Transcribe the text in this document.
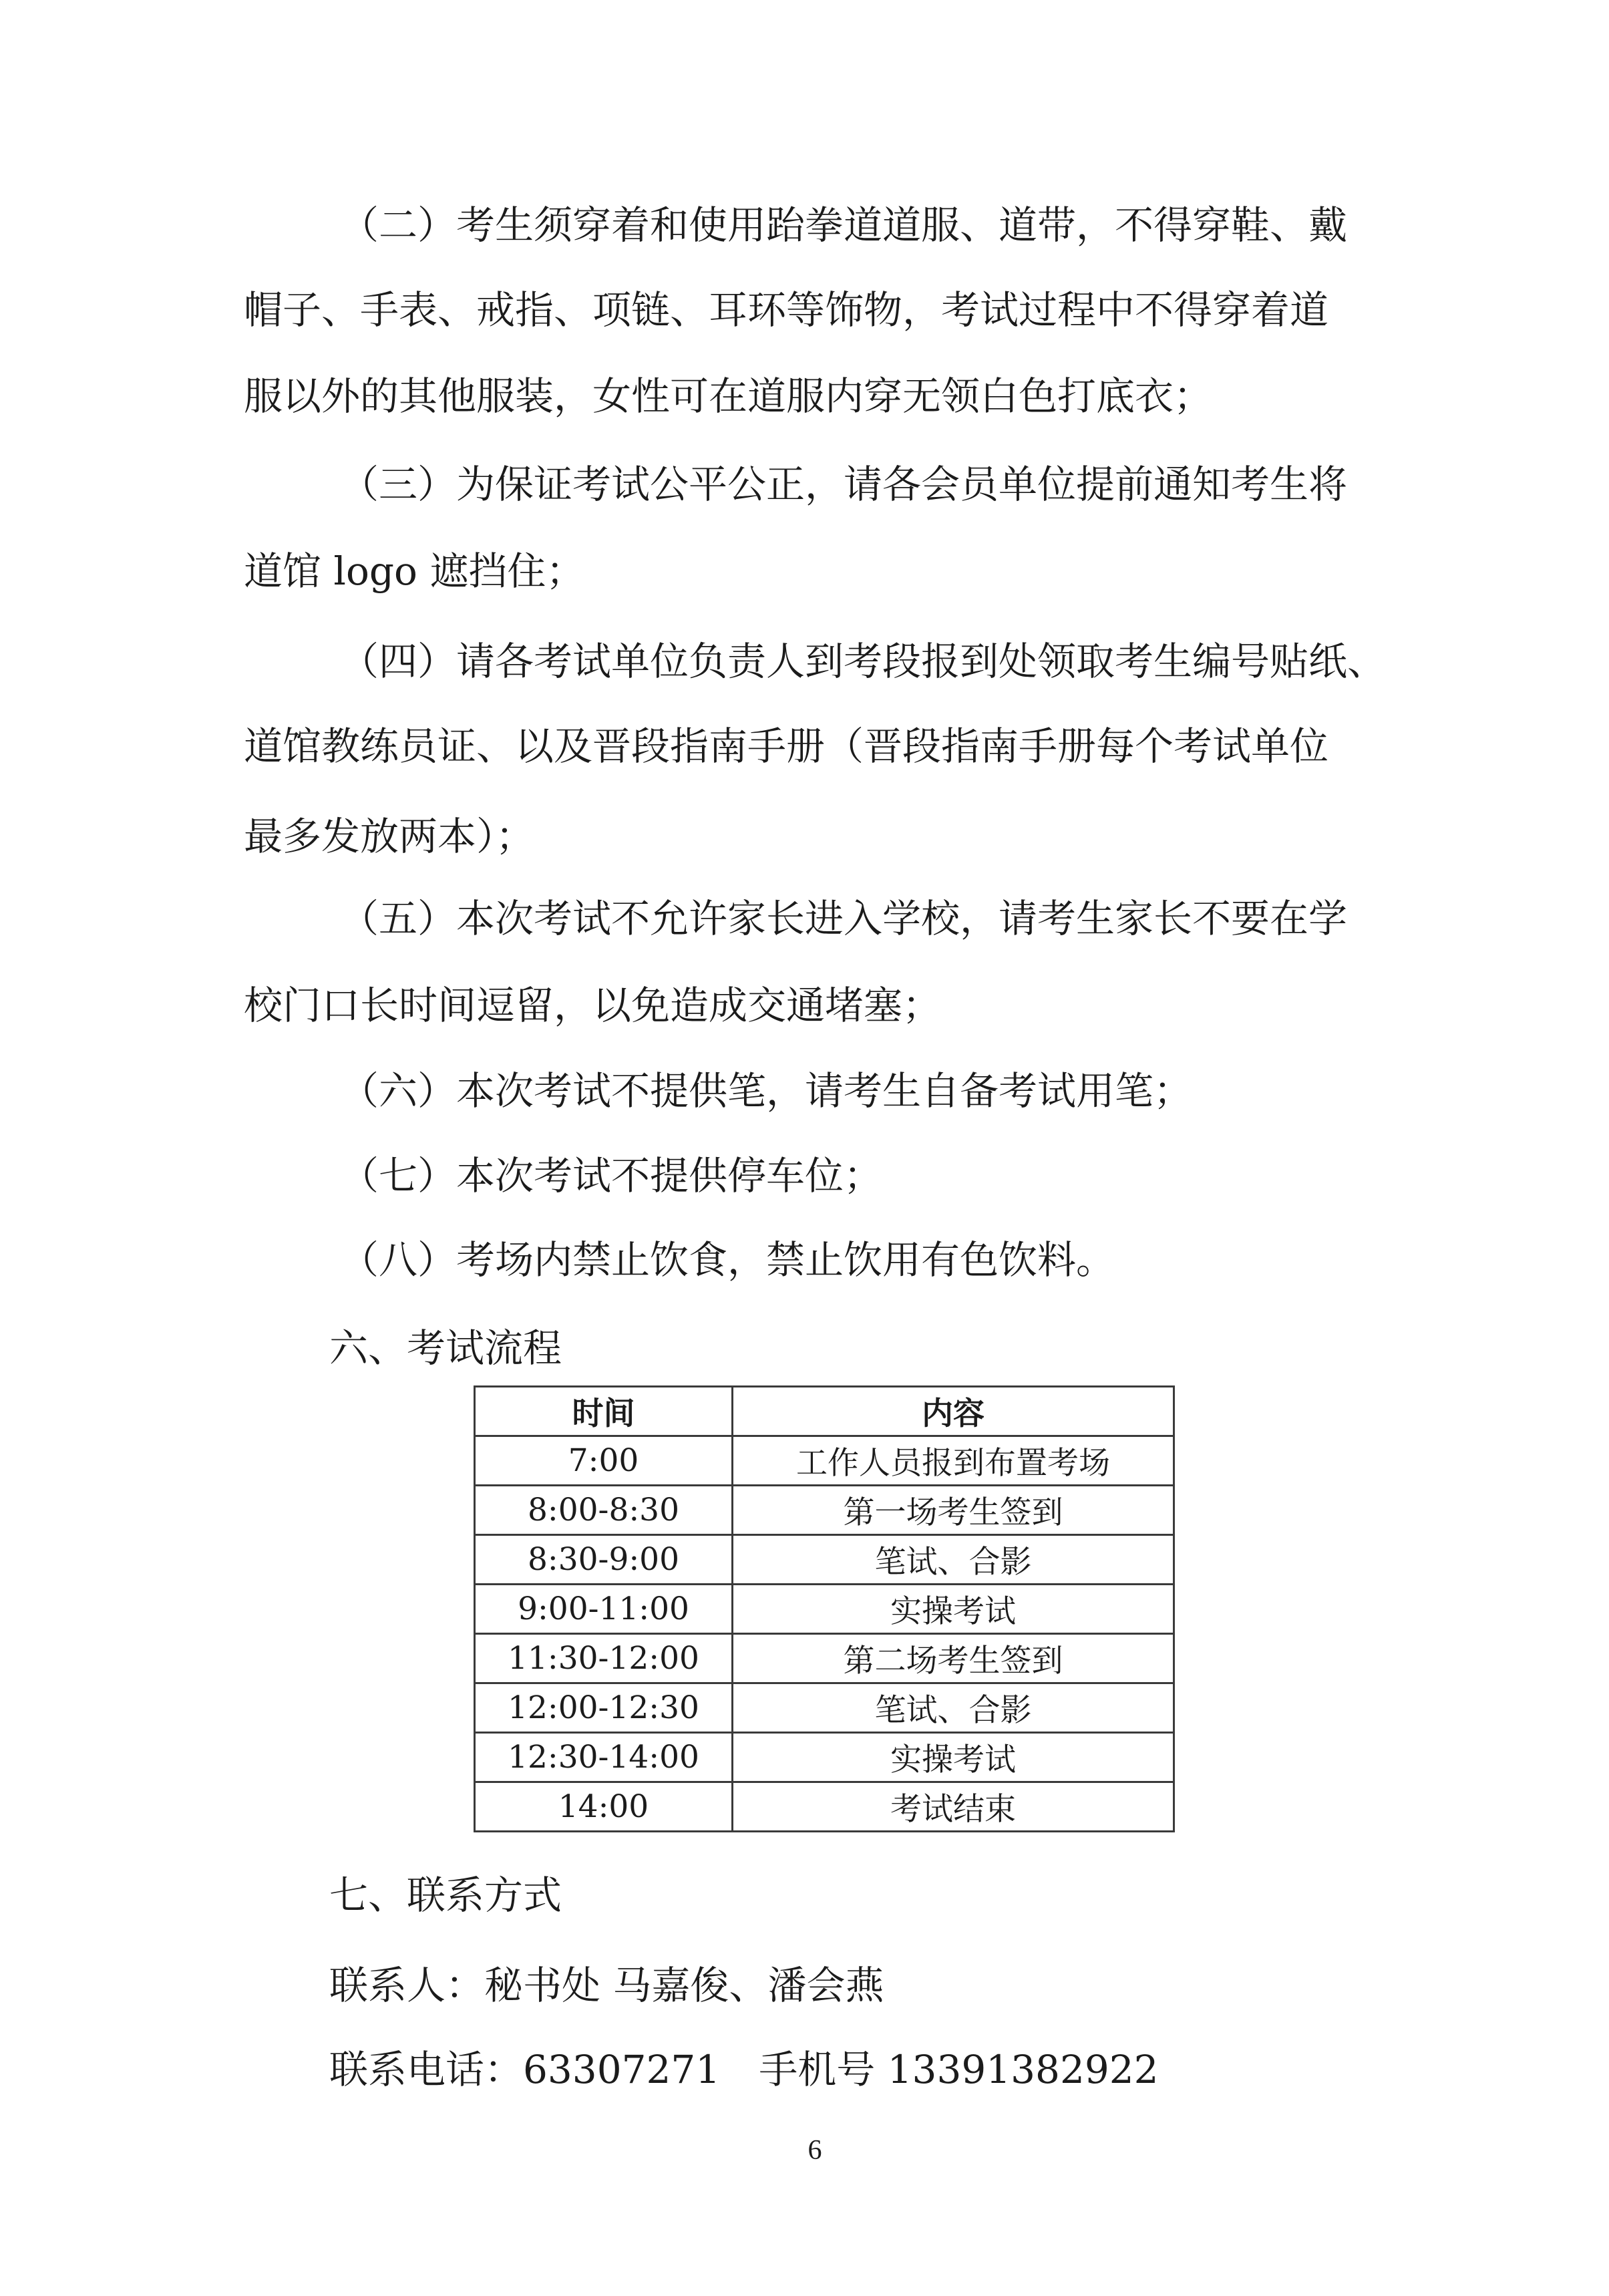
（二）考生须穿着和使用跆拳道道服、道带，不得穿鞋、戴
帽子、手表、戒指、项链、耳环等饰物，考试过程中不得穿着道
服以外的其他服装，女性可在道服内穿无领白色打底衣；
（三）为保证考试公平公正，请各会员单位提前通知考生将
道馆 logo 遮挡住；
（四）请各考试单位负责人到考段报到处领取考生编号贴纸、
道馆教练员证、以及晋段指南手册（晋段指南手册每个考试单位
最多发放两本）；
（五）本次考试不允许家长进入学校，请考生家长不要在学
校门口长时间逗留，以免造成交通堵塞；
（六）本次考试不提供笔，请考生自备考试用笔；
（七）本次考试不提供停车位；
（八）考场内禁止饮食，禁止饮用有色饮料。
六、考试流程
时间	内容
7:00	工作人员报到布置考场
8:00-8:30	第一场考生签到
8:30-9:00	笔试、合影
9:00-11:00	实操考试
11:30-12:00	第二场考生签到
12:00-12:30	笔试、合影
12:30-14:00	实操考试
14:00	考试结束
七、联系方式
联系人：秘书处 马嘉俊、潘会燕
联系电话：63307271　手机号 13391382922
6
